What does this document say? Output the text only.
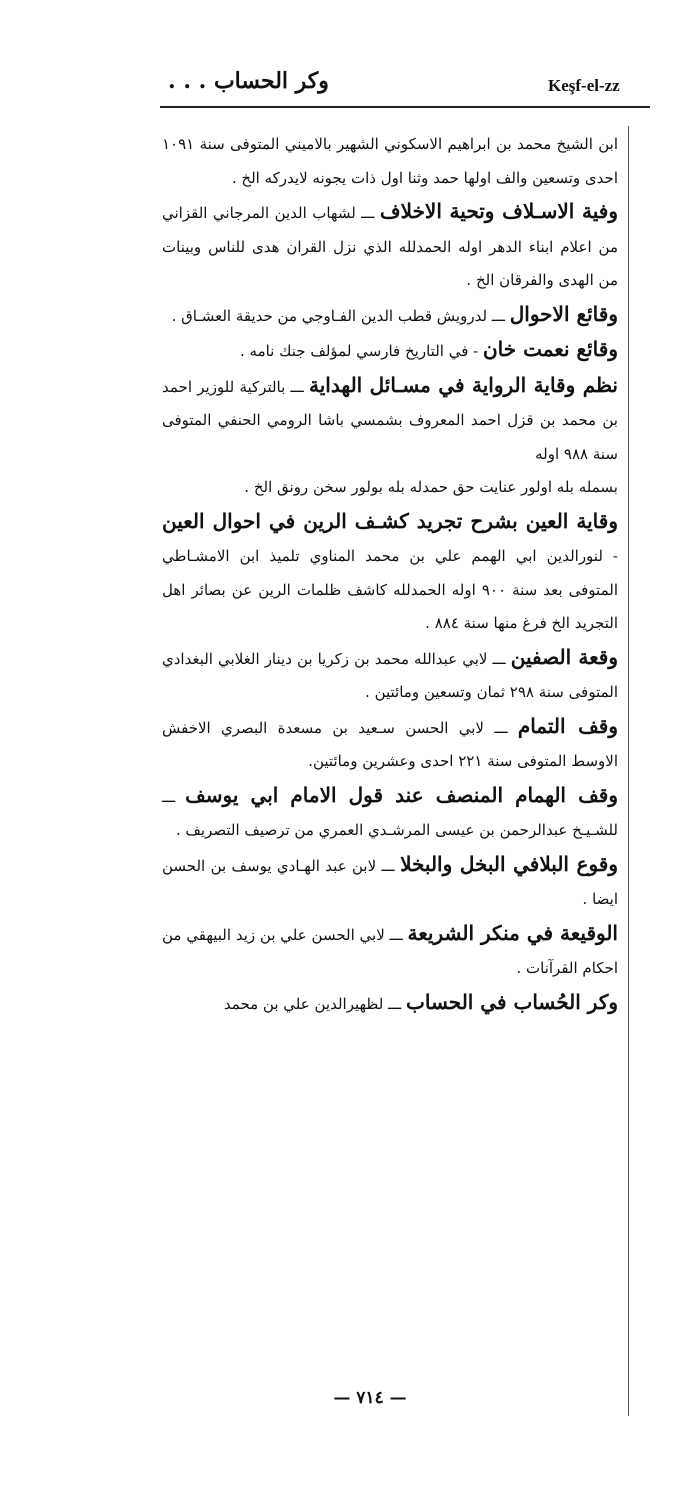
وكر الحساب . . .	Keşf-el-zz

ابن الشيخ محمد بن ابراهيم الاسكوني الشهير بالاميني المتوفى سنة ١٠٩١ احدى وتسعين والف اولها حمد وثنا اول ذات يجونه لايدركه الخ .

وفية الاسـلاف وتحية الاخلاف ـــ لشهاب الدين المرجاني القزاني من اعلام ابناء الدهر اوله الحمدلله الذي نزل القران هدى للناس وبينات من الهدى والفرقان الخ .

وقائع الاحوال ـــ لدرويش قطب الدين الفـاوجي من حديقة العشـاق .

وقائع نعمت خان - في التاريخ فارسي لمؤلف جنك نامه .

نظم وقاية الرواية في مسـائل الهداية ـــ بالتركية للوزير احمد بن محمد بن قزل احمد المعروف بشمسي باشا الرومي الحنفي المتوفى سنة ٩٨٨ اوله

بسمله بله اولور عنايت حق حمدله بله بولور سخن رونق الخ .

وقاية العين بشرح تجريد كشـف الرين في احوال العين - لنورالدين ابي الهمم علي بن محمد المناوي تلميذ ابن الامشـاطي المتوفى بعد سنة ٩٠٠ اوله الحمدلله كاشف ظلمات الرين عن بصائر اهل التجريد الخ فرغ منها سنة ٨٨٤ .

وقعة الصفين ـــ لابي عبدالله محمد بن زكريا بن دينار الغلابي البغدادي المتوفى سنة ٢٩٨ ثمان وتسعين ومائتين .

وقف التمام ـــ لابي الحسن سـعيد بن مسعدة البصري الاخفش الاوسط المتوفى سنة ٢٢١ احدى وعشرين ومائتين.

وقف الهمام المنصف عند قول الامام ابي يوسف ـــ للشـيـخ عبدالرحمن بن عيسى المرشـدي العمري من ترصيف التصريف .

وقوع البلافي البخل والبخلا ـــ لابن عبد الهـادي يوسف بن الحسن ايضا .

الوقيعة في منكر الشريعة ـــ لابي الحسن علي بن زيد البيهقي من احكام القرآنات .

وكر الحُساب في الحساب ـــ لظهيرالدين علي بن محمد

— ٧١٤ —
